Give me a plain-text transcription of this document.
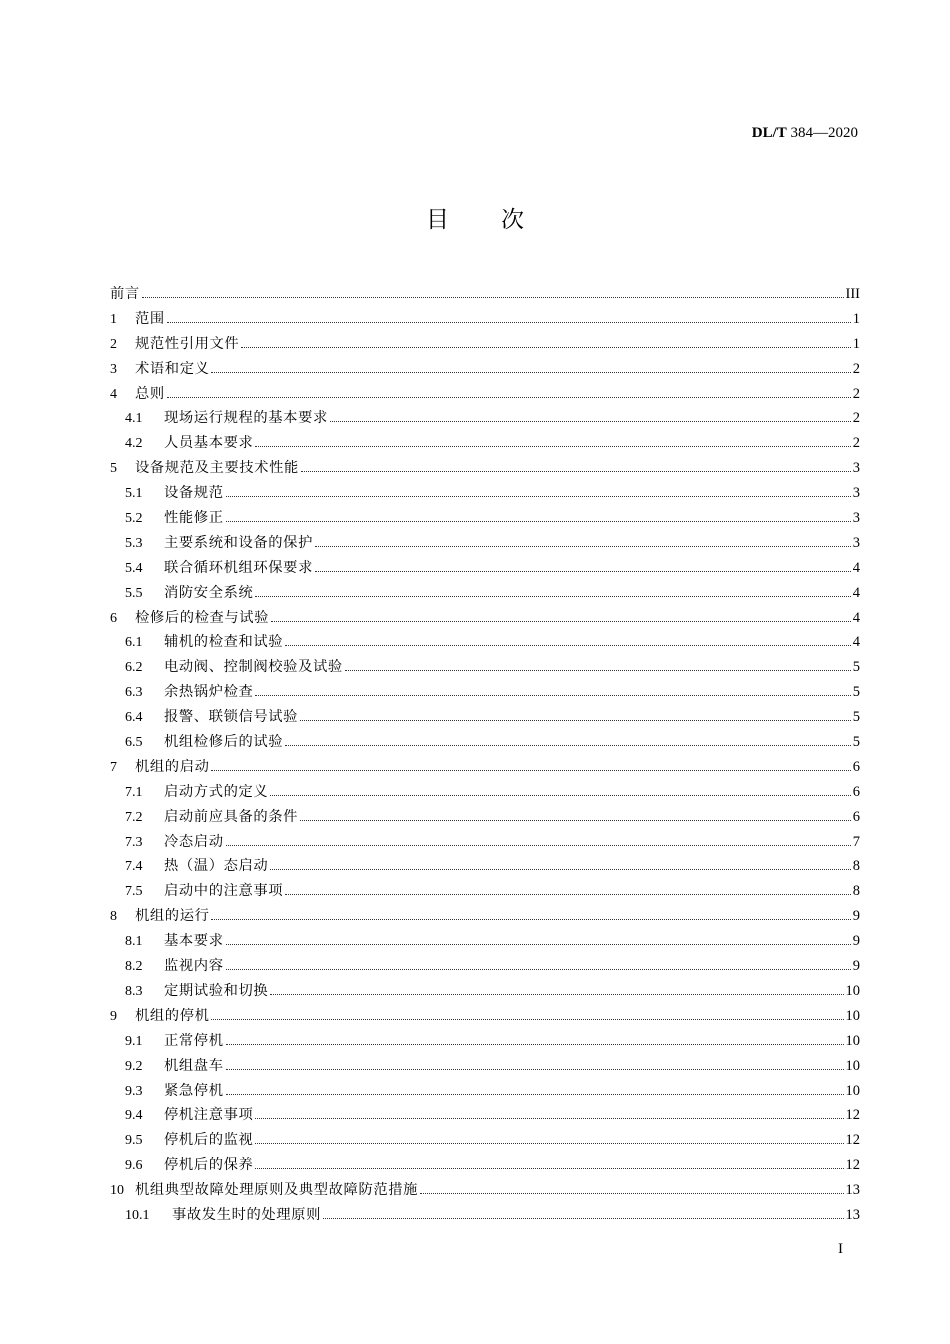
DL/T 384—2020
目次
前言	III
1	范围	1
2	规范性引用文件	1
3	术语和定义	2
4	总则	2
4.1	现场运行规程的基本要求	2
4.2	人员基本要求	2
5	设备规范及主要技术性能	3
5.1	设备规范	3
5.2	性能修正	3
5.3	主要系统和设备的保护	3
5.4	联合循环机组环保要求	4
5.5	消防安全系统	4
6	检修后的检查与试验	4
6.1	辅机的检查和试验	4
6.2	电动阀、控制阀校验及试验	5
6.3	余热锅炉检查	5
6.4	报警、联锁信号试验	5
6.5	机组检修后的试验	5
7	机组的启动	6
7.1	启动方式的定义	6
7.2	启动前应具备的条件	6
7.3	冷态启动	7
7.4	热（温）态启动	8
7.5	启动中的注意事项	8
8	机组的运行	9
8.1	基本要求	9
8.2	监视内容	9
8.3	定期试验和切换	10
9	机组的停机	10
9.1	正常停机	10
9.2	机组盘车	10
9.3	紧急停机	10
9.4	停机注意事项	12
9.5	停机后的监视	12
9.6	停机后的保养	12
10 机组典型故障处理原则及典型故障防范措施	13
10.1	事故发生时的处理原则	13
I
